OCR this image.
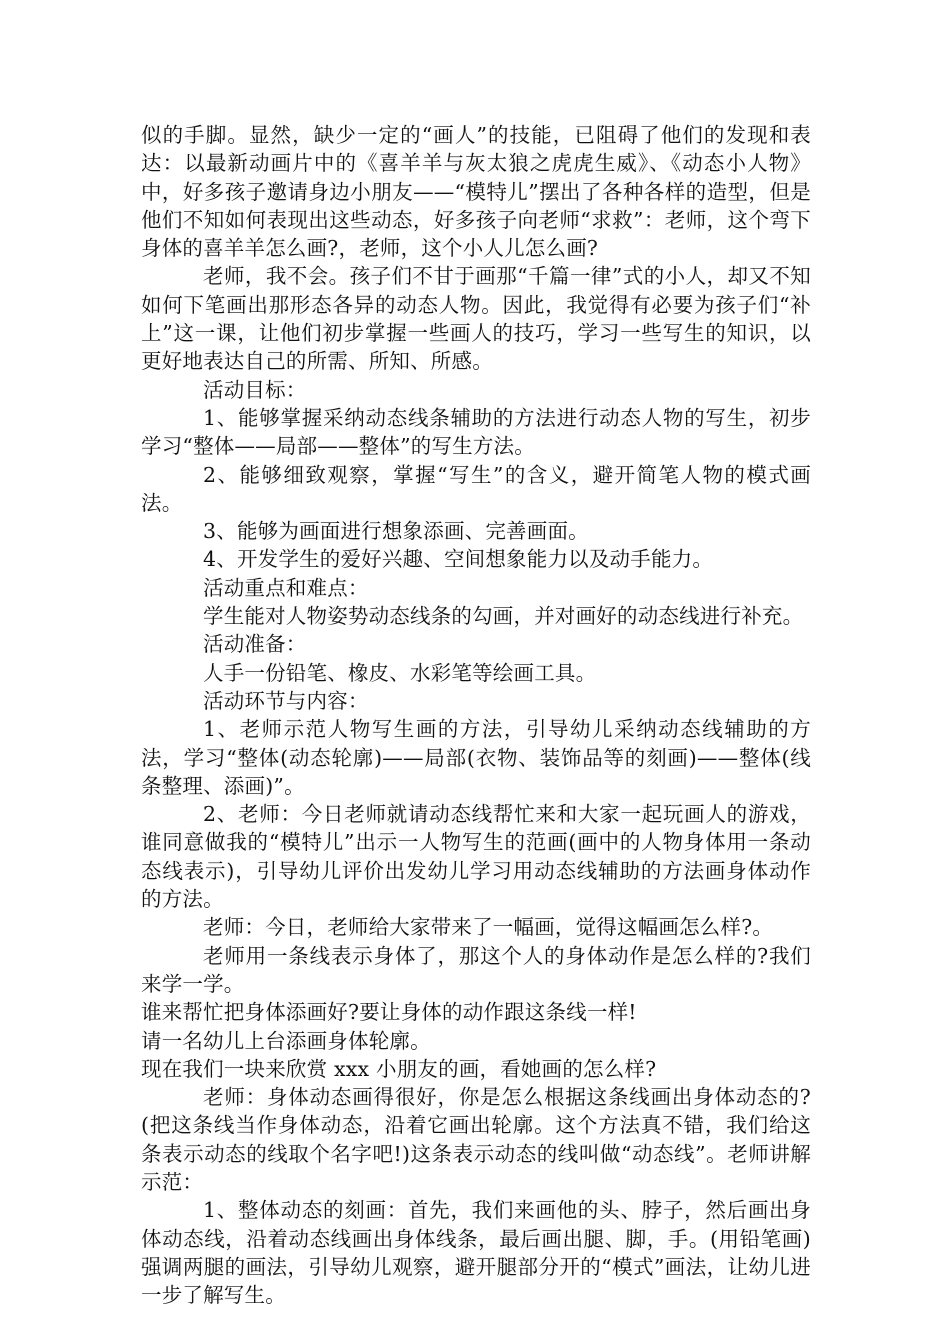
似的手脚。显然，缺少一定的“画人”的技能，已阻碍了他们的发现和表达：以最新动画片中的《喜羊羊与灰太狼之虎虎生威》、《动态小人物》中，好多孩子邀请身边小朋友——“模特儿”摆出了各种各样的造型，但是他们不知如何表现出这些动态，好多孩子向老师“求救”：老师，这个弯下身体的喜羊羊怎么画?，老师，这个小人儿怎么画?

老师，我不会。孩子们不甘于画那“千篇一律”式的小人，却又不知如何下笔画出那形态各异的动态人物。因此，我觉得有必要为孩子们“补上”这一课，让他们初步掌握一些画人的技巧，学习一些写生的知识，以更好地表达自己的所需、所知、所感。

活动目标：

1、能够掌握采纳动态线条辅助的方法进行动态人物的写生，初步学习“整体——局部——整体”的写生方法。

2、能够细致观察，掌握“写生”的含义，避开简笔人物的模式画法。

3、能够为画面进行想象添画、完善画面。

4、开发学生的爱好兴趣、空间想象能力以及动手能力。

活动重点和难点：

学生能对人物姿势动态线条的勾画，并对画好的动态线进行补充。

活动准备：

人手一份铅笔、橡皮、水彩笔等绘画工具。

活动环节与内容：

1、老师示范人物写生画的方法，引导幼儿采纳动态线辅助的方法，学习“整体(动态轮廓)——局部(衣物、装饰品等的刻画)——整体(线条整理、添画)”。

2、老师：今日老师就请动态线帮忙来和大家一起玩画人的游戏，谁同意做我的“模特儿”出示一人物写生的范画(画中的人物身体用一条动态线表示)，引导幼儿评价出发幼儿学习用动态线辅助的方法画身体动作的方法。

老师：今日，老师给大家带来了一幅画，觉得这幅画怎么样?。

老师用一条线表示身体了，那这个人的身体动作是怎么样的?我们来学一学。

谁来帮忙把身体添画好?要让身体的动作跟这条线一样!

请一名幼儿上台添画身体轮廓。

现在我们一块来欣赏 xxx 小朋友的画，看她画的怎么样?

老师：身体动态画得很好，你是怎么根据这条线画出身体动态的?(把这条线当作身体动态，沿着它画出轮廓。这个方法真不错，我们给这条表示动态的线取个名字吧!)这条表示动态的线叫做“动态线”。老师讲解示范：

1、整体动态的刻画：首先，我们来画他的头、脖子，然后画出身体动态线，沿着动态线画出身体线条，最后画出腿、脚，手。(用铅笔画)强调两腿的画法，引导幼儿观察，避开腿部分开的“模式”画法，让幼儿进一步了解写生。
